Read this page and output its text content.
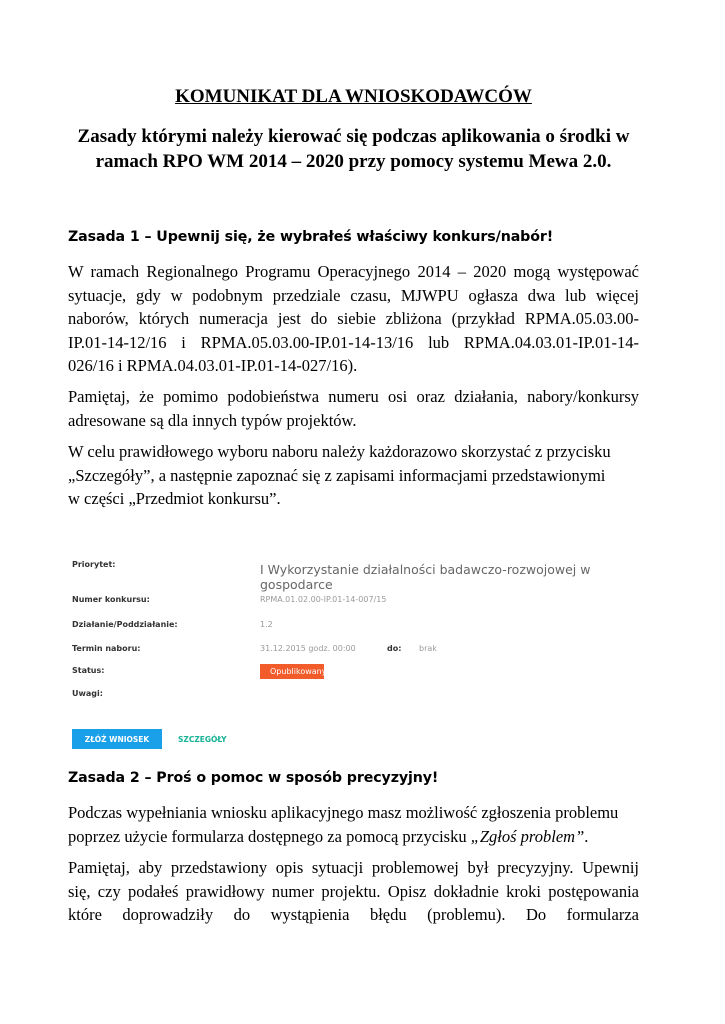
KOMUNIKAT DLA WNIOSKODAWCÓW
Zasady którymi należy kierować się podczas aplikowania o środki w
ramach RPO WM 2014 – 2020 przy pomocy systemu Mewa 2.0.
Zasada 1 – Upewnij się, że wybrałeś właściwy konkurs/nabór!
W ramach Regionalnego Programu Operacyjnego 2014 – 2020 mogą występować
sytuacje, gdy w podobnym przedziale czasu, MJWPU ogłasza dwa lub więcej
naborów, których numeracja jest do siebie zbliżona (przykład RPMA.05.03.00-
IP.01-14-12/16 i RPMA.05.03.00-IP.01-14-13/16 lub RPMA.04.03.01-IP.01-14-
026/16 i RPMA.04.03.01-IP.01-14-027/16).
Pamiętaj, że pomimo podobieństwa numeru osi oraz działania, nabory/konkursy
adresowane są dla innych typów projektów.
W celu prawidłowego wyboru naboru należy każdorazowo skorzystać z przycisku
„Szczegóły”, a następnie zapoznać się z zapisami informacjami przedstawionymi
w części „Przedmiot konkursu”.
Zasada 2 – Proś o pomoc w sposób precyzyjny!
Podczas wypełniania wniosku aplikacyjnego masz możliwość zgłoszenia problemu
poprzez użycie formularza dostępnego za pomocą przycisku „Zgłoś problem”.
Pamiętaj, aby przedstawiony opis sytuacji problemowej był precyzyjny. Upewnij
się, czy podałeś prawidłowy numer projektu. Opisz dokładnie kroki postępowania
które doprowadziły do wystąpienia błędu (problemu). Do formularza
Priorytet:	I Wykorzystanie działalności badawczo-rozwojowej w gospodarce
Numer konkursu:	RPMA.01.02.00-IP.01-14-007/15
Działanie/Poddziałanie:	1.2
Termin naboru:	31.12.2015 godz. 00:00	do: brak
Status:	Opublikowany
Uwagi:
ZŁÓŻ WNIOSEK	SZCZEGÓŁY
